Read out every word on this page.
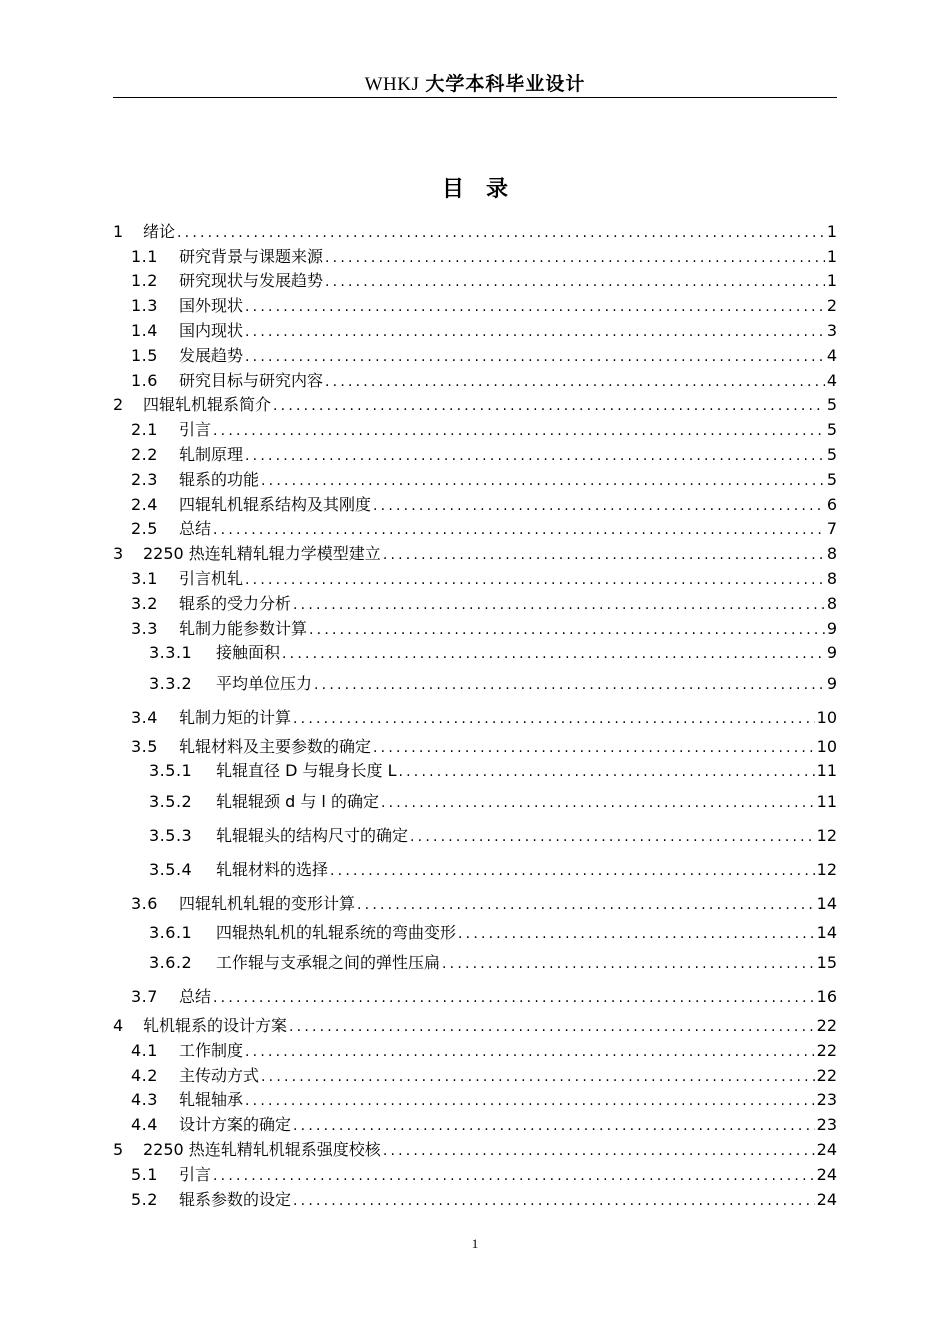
WHKJ 大学本科毕业设计
目录
1	绪论 .....	1
1.1	研究背景与课题来源 .....	1
1.2	研究现状与发展趋势 .....	1
1.3	国外现状 .....	2
1.4	国内现状 .....	3
1.5	发展趋势 .....	4
1.6	研究目标与研究内容 .....	4
2	四辊轧机辊系简介 .....	5
2.1	引言 .....	5
2.2	轧制原理 .....	5
2.3	辊系的功能 .....	5
2.4	四辊轧机辊系结构及其刚度 .....	6
2.5	总结 .....	7
3	2250 热连轧精轧辊力学模型建立 .....	8
3.1	引言机轧 .....	8
3.2	辊系的受力分析 .....	8
3.3	轧制力能参数计算 .....	9
3.3.1	接触面积 .....	9
3.3.2	平均单位压力 .....	9
3.4	轧制力矩的计算 .....	10
3.5	轧辊材料及主要参数的确定 .....	10
3.5.1	轧辊直径 D 与辊身长度 L .....	11
3.5.2	轧辊辊颈 d 与 l 的确定 .....	11
3.5.3	轧辊辊头的结构尺寸的确定 .....	12
3.5.4	轧辊材料的选择 .....	12
3.6	四辊轧机轧辊的变形计算 .....	14
3.6.1	四辊热轧机的轧辊系统的弯曲变形 .....	14
3.6.2	工作辊与支承辊之间的弹性压扁 .....	15
3.7	总结 .....	16
4	轧机辊系的设计方案 .....	22
4.1	工作制度 .....	22
4.2	主传动方式 .....	22
4.3	轧辊轴承 .....	23
4.4	设计方案的确定 .....	23
5	2250 热连轧精轧机辊系强度校核 .....	24
5.1	引言 .....	24
5.2	辊系参数的设定 .....	24
1
